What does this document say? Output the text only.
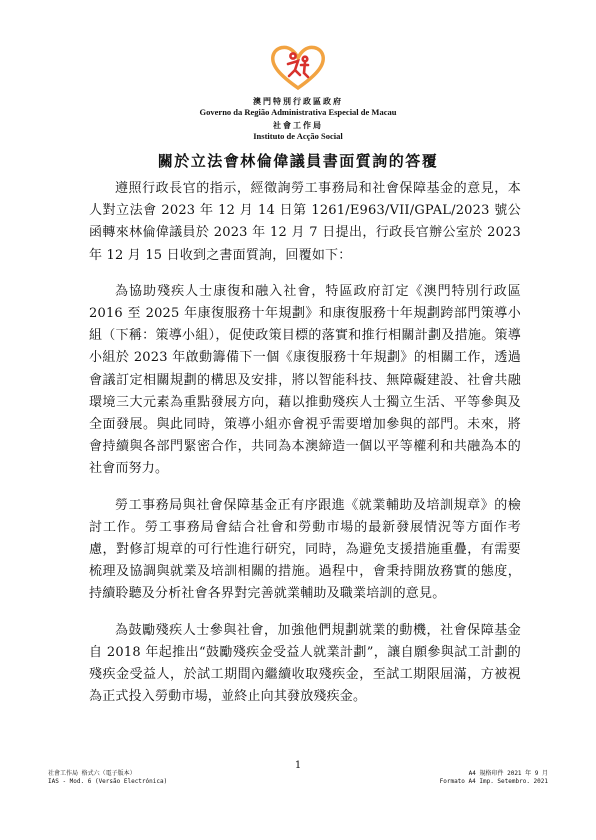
澳門特別行政區政府
Governo da Região Administrativa Especial de Macau
社會工作局
Instituto de Acção Social
關於立法會林倫偉議員書面質詢的答覆

遵照行政長官的指示，經徵詢勞工事務局和社會保障基金的意見，本人對立法會 2023 年 12 月 14 日第 1261/E963/VII/GPAL/2023 號公函轉來林倫偉議員於 2023 年 12 月 7 日提出，行政長官辦公室於 2023 年 12 月 15 日收到之書面質詢，回覆如下：

為協助殘疾人士康復和融入社會，特區政府訂定《澳門特別行政區 2016 至 2025 年康復服務十年規劃》和康復服務十年規劃跨部門策導小組（下稱：策導小組），促使政策目標的落實和推行相關計劃及措施。策導小組於 2023 年啟動籌備下一個《康復服務十年規劃》的相關工作，透過會議訂定相關規劃的構思及安排，將以智能科技、無障礙建設、社會共融環境三大元素為重點發展方向，藉以推動殘疾人士獨立生活、平等參與及全面發展。與此同時，策導小組亦會視乎需要增加參與的部門。未來，將會持續與各部門緊密合作，共同為本澳締造一個以平等權利和共融為本的社會而努力。

勞工事務局與社會保障基金正有序跟進《就業輔助及培訓規章》的檢討工作。勞工事務局會結合社會和勞動市場的最新發展情況等方面作考慮，對修訂規章的可行性進行研究，同時，為避免支援措施重疊，有需要梳理及協調與就業及培訓相關的措施。過程中，會秉持開放務實的態度，持續聆聽及分析社會各界對完善就業輔助及職業培訓的意見。

為鼓勵殘疾人士參與社會，加強他們規劃就業的動機，社會保障基金自 2018 年起推出“鼓勵殘疾金受益人就業計劃”，讓自願參與試工計劃的殘疾金受益人，於試工期間內繼續收取殘疾金，至試工期限屆滿，方被視為正式投入勞動市場，並終止向其發放殘疾金。

1
社會工作局 格式六（電子版本）
IAS - Mod. 6 (Versão Electrónica)
A4 規格印件 2021 年 9 月
Formato A4 Imp. Setembro. 2021
